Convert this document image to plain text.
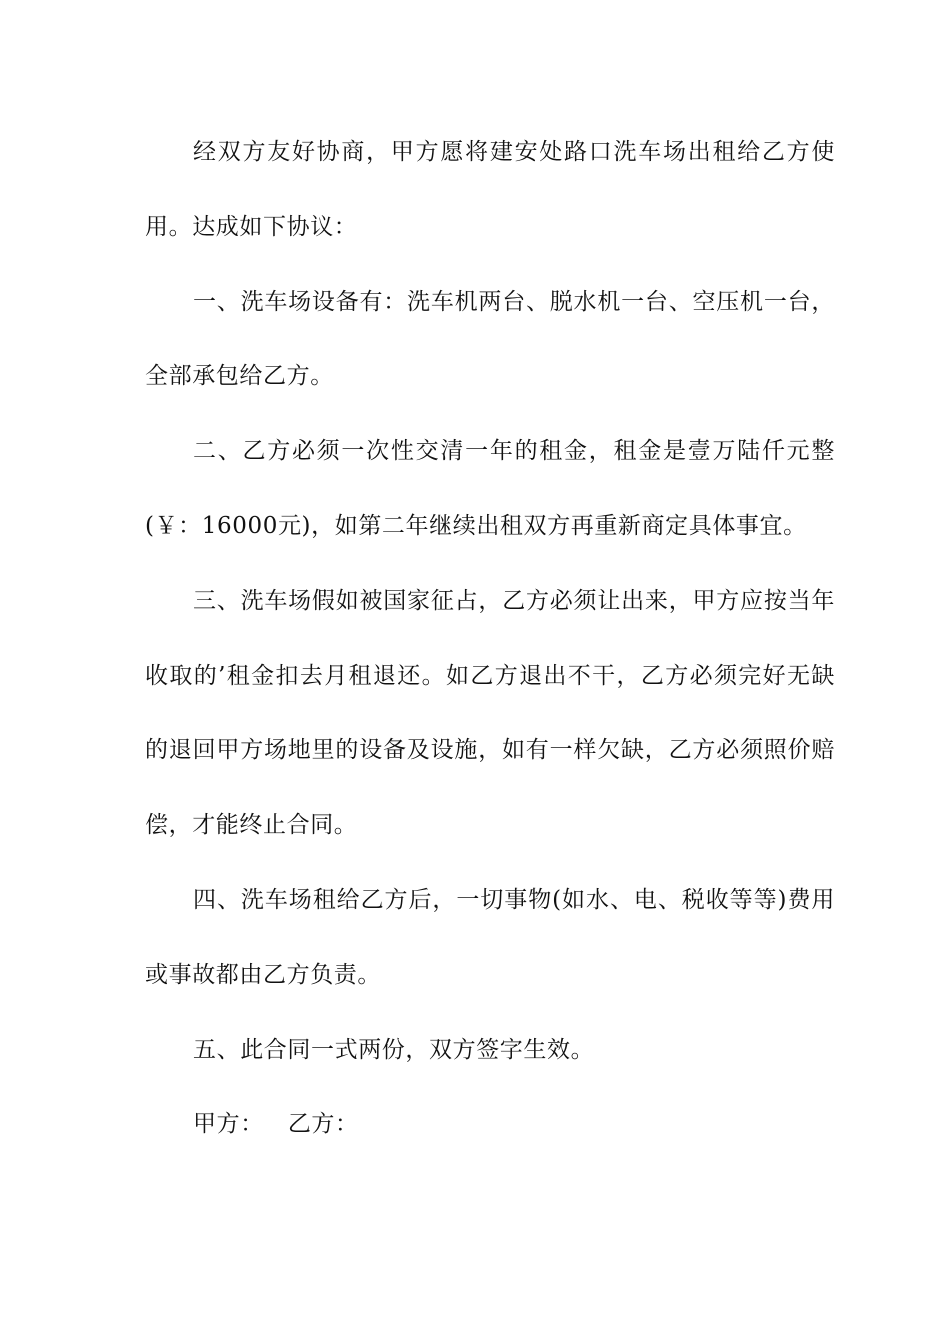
经双方友好协商，甲方愿将建安处路口洗车场出租给乙方使用。达成如下协议：

一、洗车场设备有：洗车机两台、脱水机一台、空压机一台，全部承包给乙方。

二、乙方必须一次性交清一年的租金，租金是壹万陆仟元整(￥：16000元)，如第二年继续出租双方再重新商定具体事宜。

三、洗车场假如被国家征占，乙方必须让出来，甲方应按当年收取的’租金扣去月租退还。如乙方退出不干，乙方必须完好无缺的退回甲方场地里的设备及设施，如有一样欠缺，乙方必须照价赔偿，才能终止合同。

四、洗车场租给乙方后，一切事物(如水、电、税收等等)费用或事故都由乙方负责。

五、此合同一式两份，双方签字生效。

甲方： 乙方：
